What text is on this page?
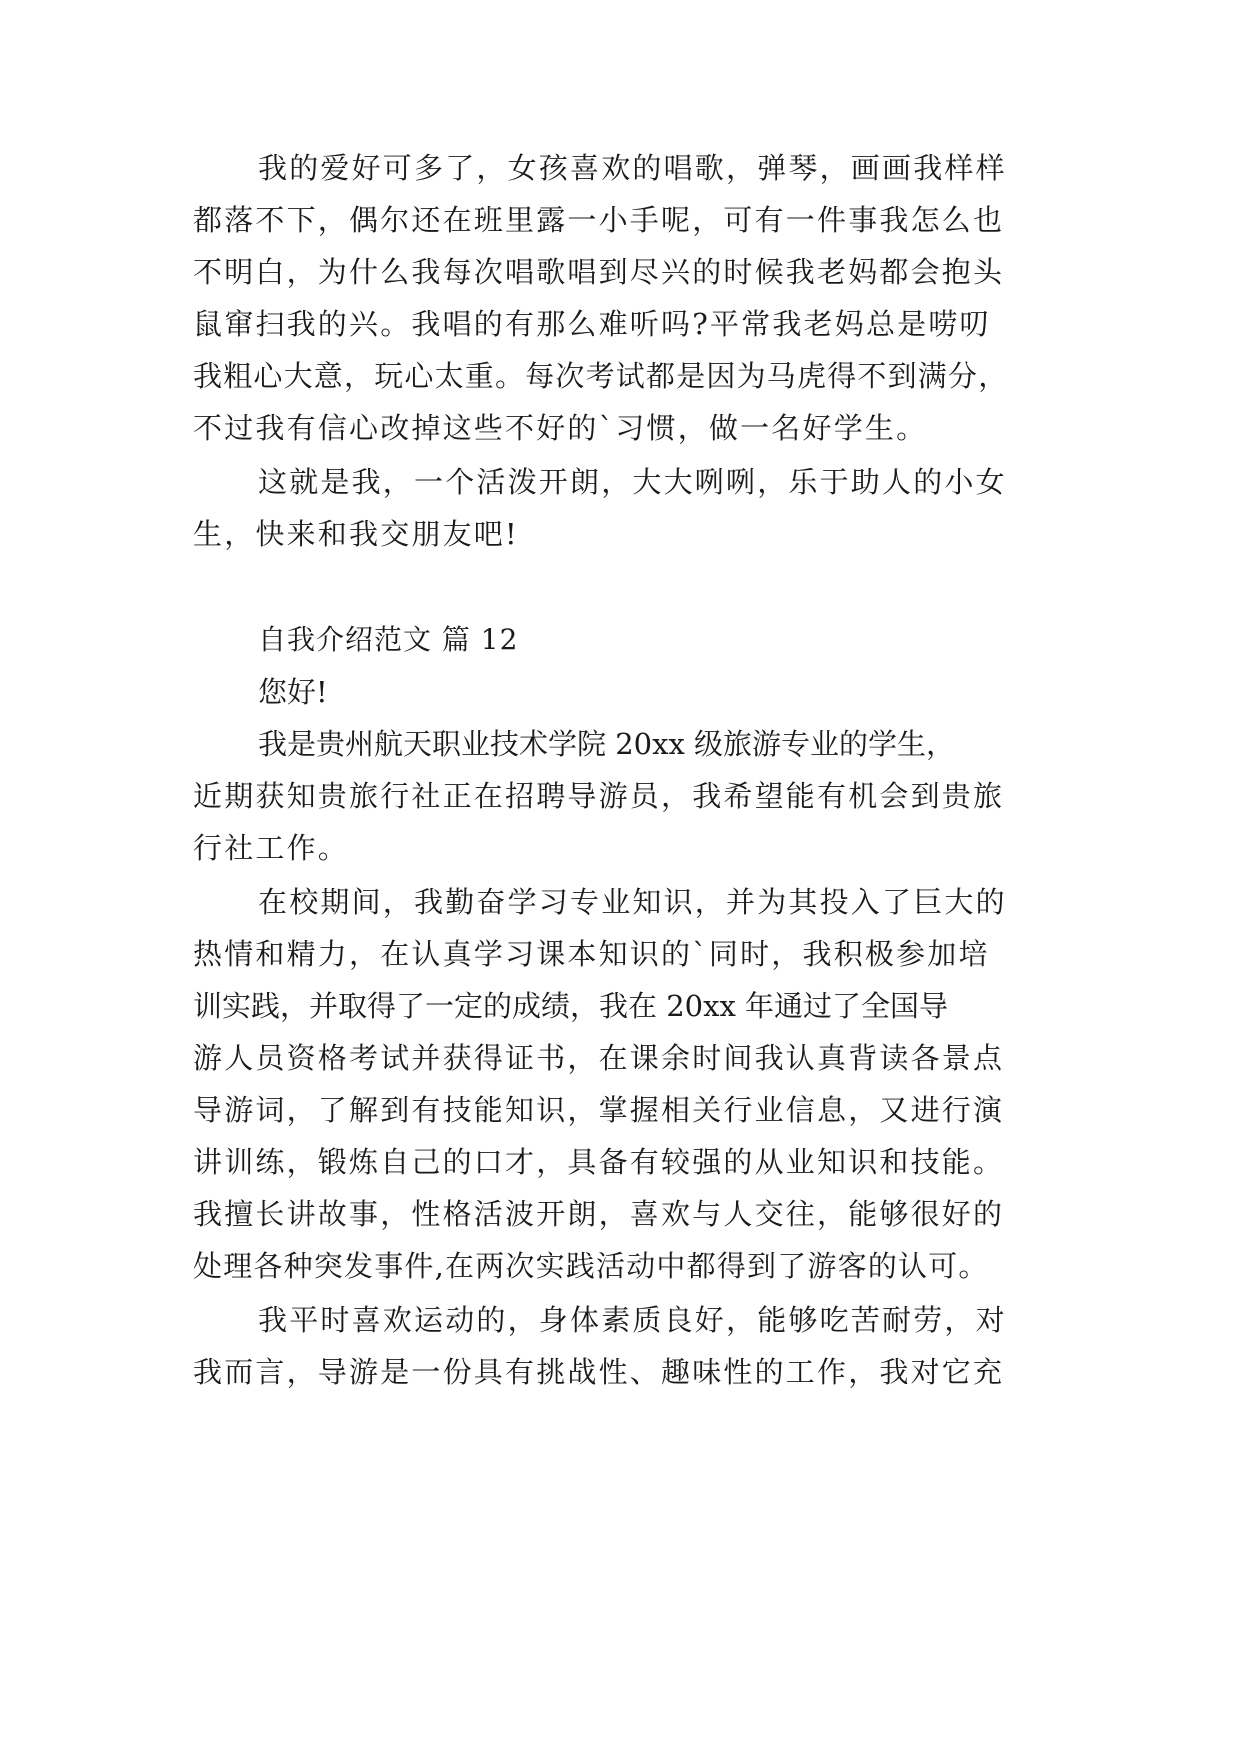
我的爱好可多了，女孩喜欢的唱歌，弹琴，画画我样样
都落不下，偶尔还在班里露一小手呢，可有一件事我怎么也
不明白，为什么我每次唱歌唱到尽兴的时候我老妈都会抱头
鼠窜扫我的兴。我唱的有那么难听吗?平常我老妈总是唠叨
我粗心大意，玩心太重。每次考试都是因为马虎得不到满分，
不过我有信心改掉这些不好的`习惯，做一名好学生。
这就是我，一个活泼开朗，大大咧咧，乐于助人的小女
生，快来和我交朋友吧!
自我介绍范文 篇 12
您好!
我是贵州航天职业技术学院 20xx 级旅游专业的学生，
近期获知贵旅行社正在招聘导游员，我希望能有机会到贵旅
行社工作。
在校期间，我勤奋学习专业知识，并为其投入了巨大的
热情和精力，在认真学习课本知识的`同时，我积极参加培
训实践，并取得了一定的成绩，我在 20xx 年通过了全国导
游人员资格考试并获得证书，在课余时间我认真背读各景点
导游词，了解到有技能知识，掌握相关行业信息，又进行演
讲训练，锻炼自己的口才，具备有较强的从业知识和技能。
我擅长讲故事，性格活波开朗，喜欢与人交往，能够很好的
处理各种突发事件,在两次实践活动中都得到了游客的认可。
我平时喜欢运动的，身体素质良好，能够吃苦耐劳，对
我而言，导游是一份具有挑战性、趣味性的工作，我对它充
